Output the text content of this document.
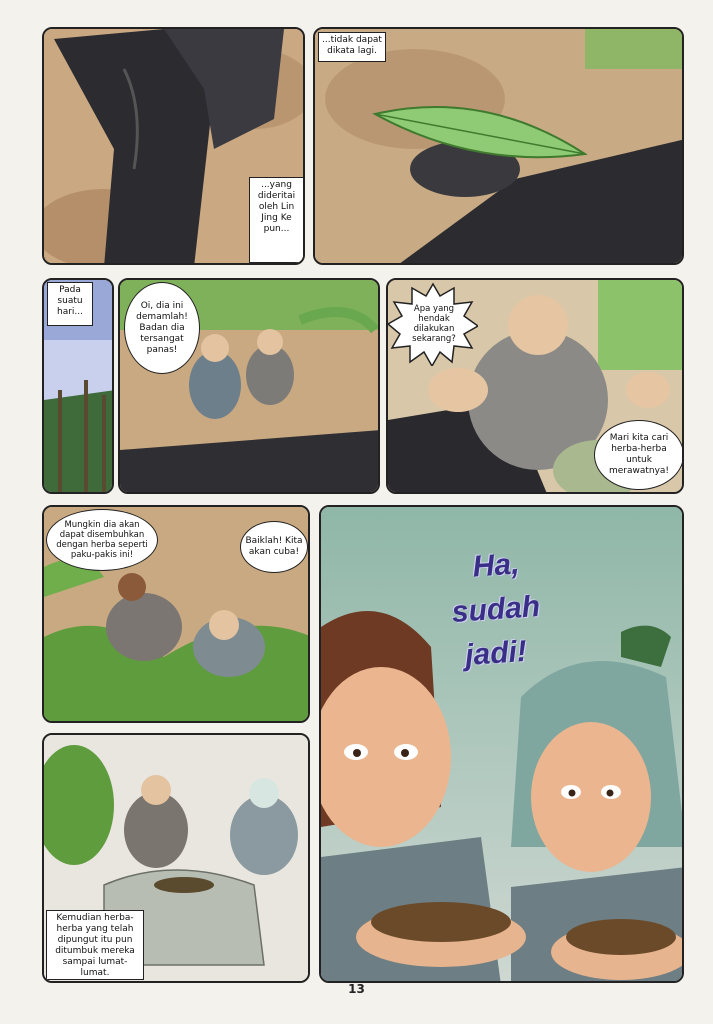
...yang dideritai oleh Lin Jing Ke pun...
...tidak dapat dikata lagi.
Pada suatu hari...
Oi, dia ini demamlah! Badan dia tersangat panas!
Apa yang hendak dilakukan sekarang?
Mari kita cari herba-herba untuk merawatnya!
Mungkin dia akan dapat disembuhkan dengan herba seperti paku-pakis ini!
Baiklah! Kita akan cuba!
Kemudian herba-herba yang telah dipungut itu pun ditumbuk mereka sampai lumat-lumat.
Ha,
sudah
jadi!
13
